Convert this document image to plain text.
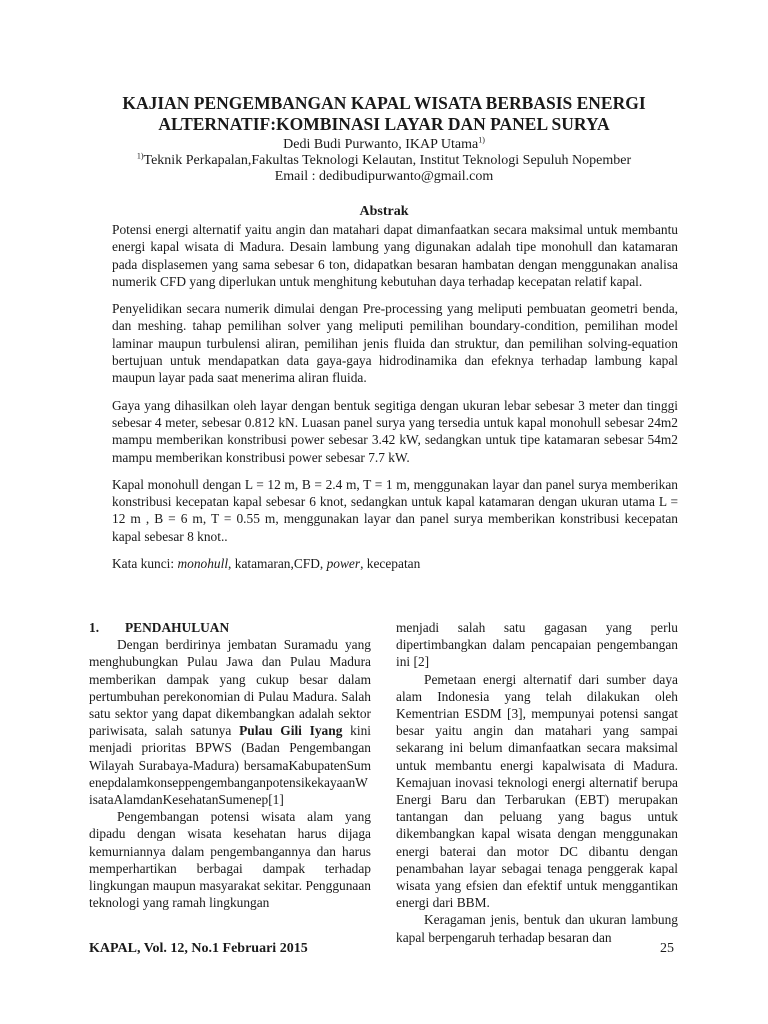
KAJIAN PENGEMBANGAN KAPAL WISATA BERBASIS ENERGI
ALTERNATIF:KOMBINASI LAYAR DAN PANEL SURYA
Dedi Budi Purwanto, IKAP Utama$^{1)}$
$^{1)}$Teknik Perkapalan,Fakultas Teknologi Kelautan, Institut Teknologi Sepuluh Nopember
Email : dedibudipurwanto@gmail.com
Abstrak

Potensi energi alternatif yaitu angin dan matahari dapat dimanfaatkan secara maksimal untuk membantu energi kapal wisata di Madura. Desain lambung yang digunakan adalah tipe monohull dan katamaran pada displasemen yang sama sebesar 6 ton, didapatkan besaran hambatan dengan menggunakan analisa numerik CFD yang diperlukan untuk menghitung kebutuhan daya terhadap kecepatan relatif kapal.

Penyelidikan secara numerik dimulai dengan Pre-processing yang meliputi pembuatan geometri benda, dan meshing. tahap pemilihan solver yang meliputi pemilihan boundary-condition, pemilihan model laminar maupun turbulensi aliran, pemilihan jenis fluida dan struktur, dan pemilihan solving-equation bertujuan untuk mendapatkan data gaya-gaya hidrodinamika dan efeknya terhadap lambung kapal maupun layar pada saat menerima aliran fluida.

Gaya yang dihasilkan oleh layar dengan bentuk segitiga dengan ukuran lebar sebesar 3 meter dan tinggi sebesar 4 meter, sebesar 0.812 kN. Luasan panel surya yang tersedia untuk kapal monohull sebesar 24m2 mampu memberikan konstribusi power sebesar 3.42 kW, sedangkan untuk tipe katamaran sebesar 54m2 mampu memberikan konstribusi power sebesar 7.7 kW.

Kapal monohull dengan L = 12 m, B = 2.4 m, T = 1 m, menggunakan layar dan panel surya memberikan konstribusi kecepatan kapal sebesar 6 knot, sedangkan untuk kapal katamaran dengan ukuran utama L = 12 m , B = 6 m, T = 0.55 m, menggunakan layar dan panel surya memberikan konstribusi kecepatan kapal sebesar 8 knot..

Kata kunci: monohull, katamaran,CFD, power, kecepatan

1. PENDAHULUAN

Dengan berdirinya jembatan Suramadu yang menghubungkan Pulau Jawa dan Pulau Madura memberikan dampak yang cukup besar dalam pertumbuhan perekonomian di Pulau Madura. Salah satu sektor yang dapat dikembangkan adalah sektor pariwisata, salah satunya Pulau Gili Iyang kini menjadi prioritas BPWS (Badan Pengembangan Wilayah Surabaya-Madura) bersamaKabupatenSumenepdalamkonseppengembanganpotensikekayaanWisataAlamdanKesehatanSumenep[1]

Pengembangan potensi wisata alam yang dipadu dengan wisata kesehatan harus dijaga kemurniannya dalam pengembangannya dan harus memperhartikan berbagai dampak terhadap lingkungan maupun masyarakat sekitar. Penggunaan teknologi yang ramah lingkungan

menjadi salah satu gagasan yang perlu dipertimbangkan dalam pencapaian pengembangan ini [2]

Pemetaan energi alternatif dari sumber daya alam Indonesia yang telah dilakukan oleh Kementrian ESDM [3], mempunyai potensi sangat besar yaitu angin dan matahari yang sampai sekarang ini belum dimanfaatkan secara maksimal untuk membantu energi kapalwisata di Madura. Kemajuan inovasi teknologi energi alternatif berupa Energi Baru dan Terbarukan (EBT) merupakan tantangan dan peluang yang bagus untuk dikembangkan kapal wisata dengan menggunakan energi baterai dan motor DC dibantu dengan penambahan layar sebagai tenaga penggerak kapal wisata yang efsien dan efektif untuk menggantikan energi dari BBM.

Keragaman jenis, bentuk dan ukuran lambung kapal berpengaruh terhadap besaran dan

KAPAL, Vol. 12, No.1 Februari 2015	25
